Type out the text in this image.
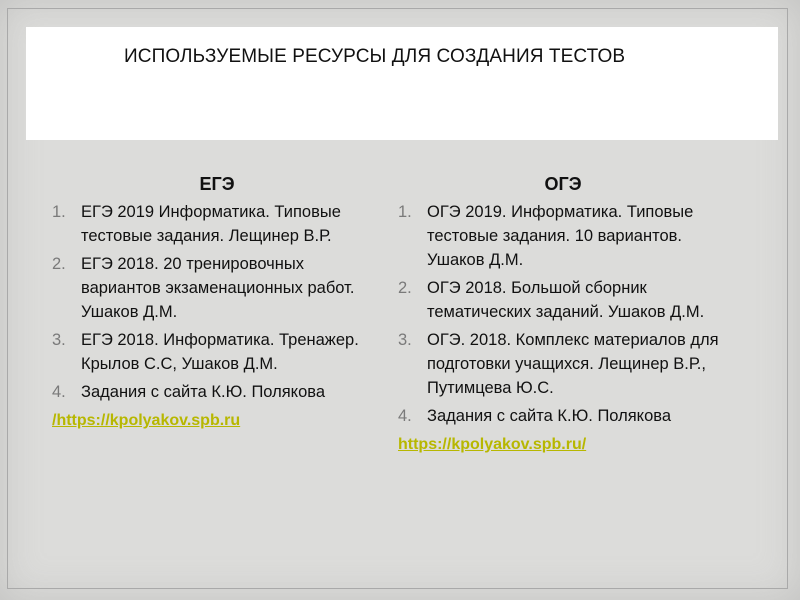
ИСПОЛЬЗУЕМЫЕ РЕСУРСЫ ДЛЯ СОЗДАНИЯ ТЕСТОВ
ЕГЭ
1. ЕГЭ 2019 Информатика. Типовые тестовые задания. Лещинер В.Р.
2. ЕГЭ 2018. 20 тренировочных вариантов экзаменационных работ. Ушаков Д.М.
3. ЕГЭ 2018. Информатика. Тренажер. Крылов С.С, Ушаков Д.М.
4. Задания с сайта К.Ю. Полякова
/https://kpolyakov.spb.ru
ОГЭ
1. ОГЭ 2019. Информатика. Типовые тестовые задания. 10 вариантов. Ушаков Д.М.
2. ОГЭ 2018. Большой сборник тематических заданий. Ушаков Д.М.
3. ОГЭ. 2018. Комплекс материалов для подготовки учащихся. Лещинер В.Р., Путимцева Ю.С.
4. Задания с сайта К.Ю. Полякова
https://kpolyakov.spb.ru/
